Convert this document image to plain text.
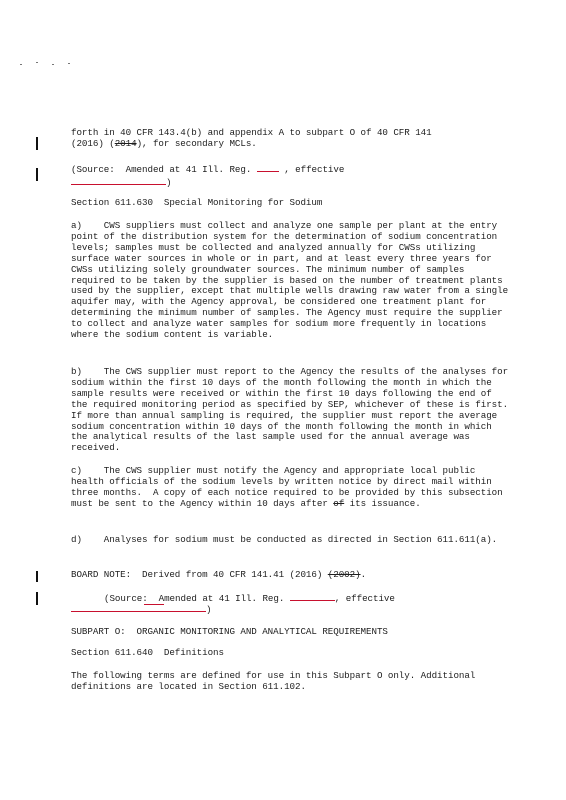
forth in 40 CFR 143.4(b) and appendix A to subpart O of 40 CFR 141
(2016) (2014), for secondary MCLs.

(Source:  Amended at 41 Ill. Reg.  , effective
)

Section 611.630  Special Monitoring for Sodium

a)    CWS suppliers must collect and analyze one sample per plant at the entry point of the distribution system for the determination of sodium concentration levels; samples must be collected and analyzed annually for CWSs utilizing surface water sources in whole or in part, and at least every three years for CWSs utilizing solely groundwater sources. The minimum number of samples required to be taken by the supplier is based on the number of treatment plants used by the supplier, except that multiple wells drawing raw water from a single aquifer may, with the Agency approval, be considered one treatment plant for determining the minimum number of samples. The Agency must require the supplier to collect and analyze water samples for sodium more frequently in locations where the sodium content is variable.

b)    The CWS supplier must report to the Agency the results of the analyses for sodium within the first 10 days of the month following the month in which the sample results were received or within the first 10 days following the end of the required monitoring period as specified by SEP, whichever of these is first.  If more than annual sampling is required, the supplier must report the average sodium concentration within 10 days of the month following the month in which the analytical results of the last sample used for the annual average was received.

c)    The CWS supplier must notify the Agency and appropriate local public health officials of the sodium levels by written notice by direct mail within three months.  A copy of each notice required to be provided by this subsection must be sent to the Agency within 10 days after of its issuance.

d)    Analyses for sodium must be conducted as directed in Section 611.611(a).

BOARD NOTE:  Derived from 40 CFR 141.41 (2016) (2002).

(Source:  Amended at 41 Ill. Reg.	, effective

)

SUBPART O:  ORGANIC MONITORING AND ANALYTICAL REQUIREMENTS

Section 611.640  Definitions

The following terms are defined for use in this Subpart O only. Additional definitions are located in Section 611.102.
